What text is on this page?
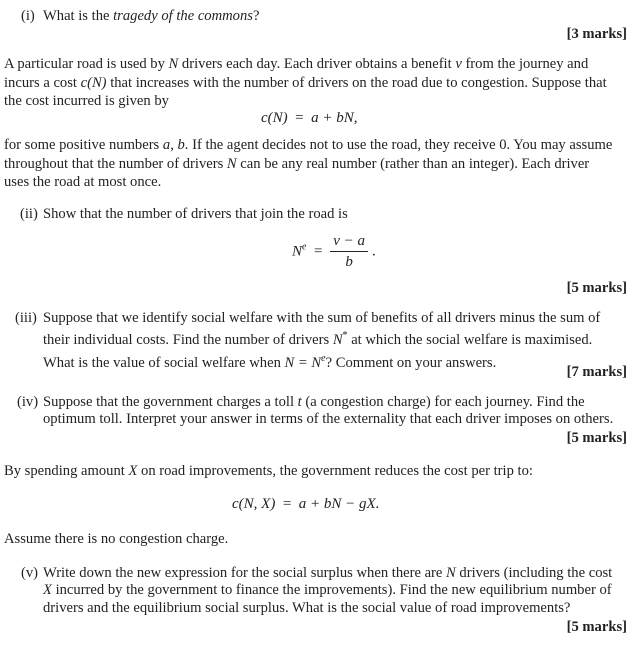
(i) What is the tragedy of the commons?
[3 marks]
A particular road is used by N drivers each day. Each driver obtains a benefit v from the journey and
incurs a cost c(N) that increases with the number of drivers on the road due to congestion. Suppose that
the cost incurred is given by
c(N) = a + bN,
for some positive numbers a, b. If the agent decides not to use the road, they receive 0. You may assume
throughout that the number of drivers N can be any real number (rather than an integer). Each driver
uses the road at most once.
(ii) Show that the number of drivers that join the road is
$N^e = \frac{v - a}{b}$ .
[5 marks]
(iii) Suppose that we identify social welfare with the sum of benefits of all drivers minus the sum of
their individual costs. Find the number of drivers N* at which the social welfare is maximised.
What is the value of social welfare when $N = N^e$? Comment on your answers.
[7 marks]
(iv) Suppose that the government charges a toll t (a congestion charge) for each journey. Find the
optimum toll. Interpret your answer in terms of the externality that each driver imposes on others.
[5 marks]
By spending amount X on road improvements, the government reduces the cost per trip to:
c(N, X) = a + bN − gX.
Assume there is no congestion charge.
(v) Write down the new expression for the social surplus when there are N drivers (including the cost
X incurred by the government to finance the improvements). Find the new equilibrium number of
drivers and the equilibrium social surplus. What is the social value of road improvements?
[5 marks]
